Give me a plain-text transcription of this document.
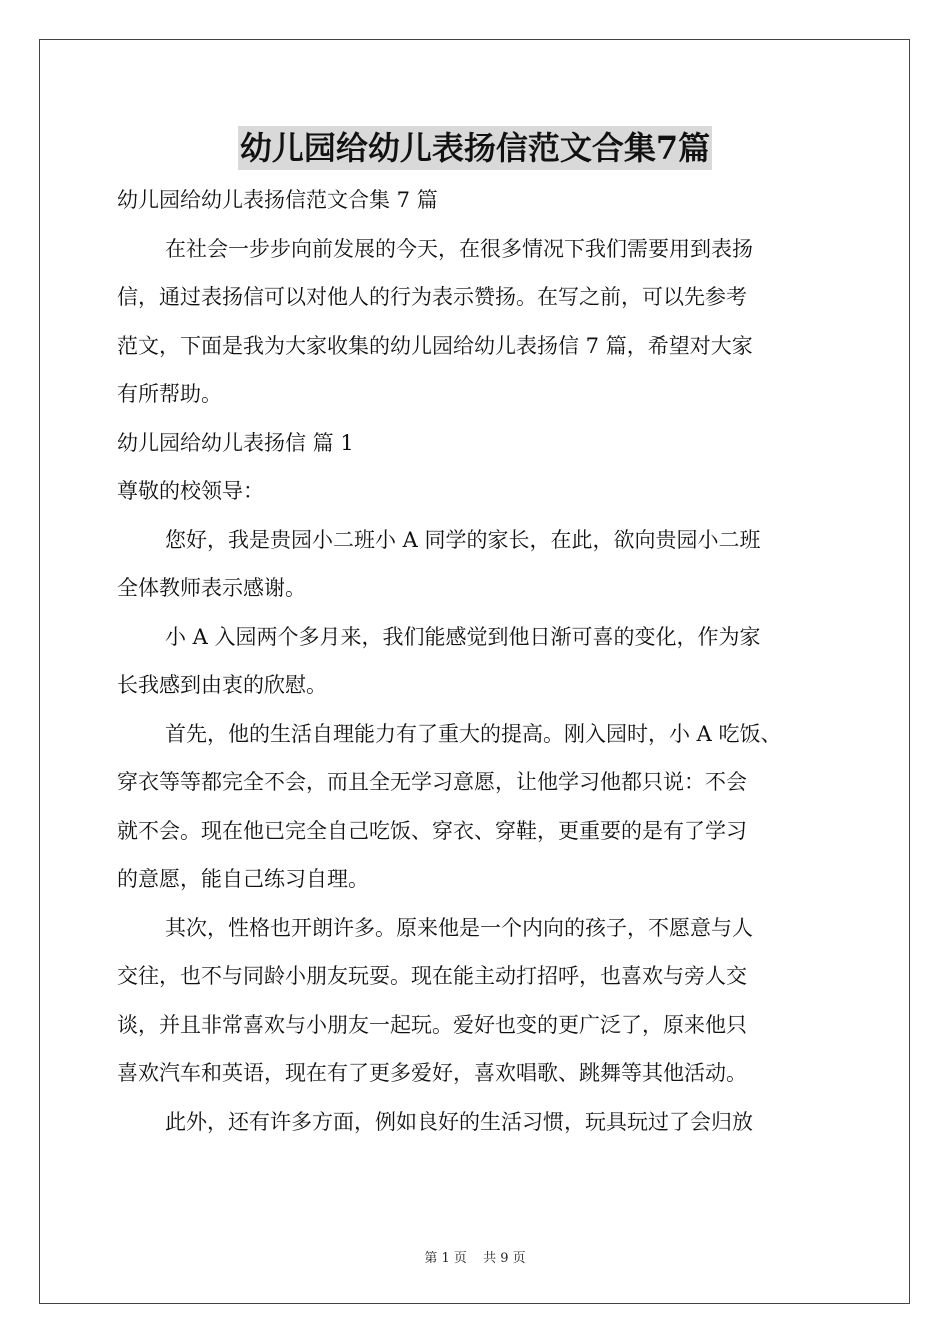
幼儿园给幼儿表扬信范文合集7篇
幼儿园给幼儿表扬信范文合集 7 篇
在社会一步步向前发展的今天，在很多情况下我们需要用到表扬
信，通过表扬信可以对他人的行为表示赞扬。在写之前，可以先参考
范文，下面是我为大家收集的幼儿园给幼儿表扬信 7 篇，希望对大家
有所帮助。
幼儿园给幼儿表扬信 篇 1
尊敬的校领导：
您好，我是贵园小二班小 A 同学的家长，在此，欲向贵园小二班
全体教师表示感谢。
小 A 入园两个多月来，我们能感觉到他日渐可喜的变化，作为家
长我感到由衷的欣慰。
首先，他的生活自理能力有了重大的提高。刚入园时，小 A 吃饭、
穿衣等等都完全不会，而且全无学习意愿，让他学习他都只说：不会
就不会。现在他已完全自己吃饭、穿衣、穿鞋，更重要的是有了学习
的意愿，能自己练习自理。
其次，性格也开朗许多。原来他是一个内向的孩子，不愿意与人
交往，也不与同龄小朋友玩耍。现在能主动打招呼，也喜欢与旁人交
谈，并且非常喜欢与小朋友一起玩。爱好也变的更广泛了，原来他只
喜欢汽车和英语，现在有了更多爱好，喜欢唱歌、跳舞等其他活动。
此外，还有许多方面，例如良好的生活习惯，玩具玩过了会归放
第 1 页 共 9 页
